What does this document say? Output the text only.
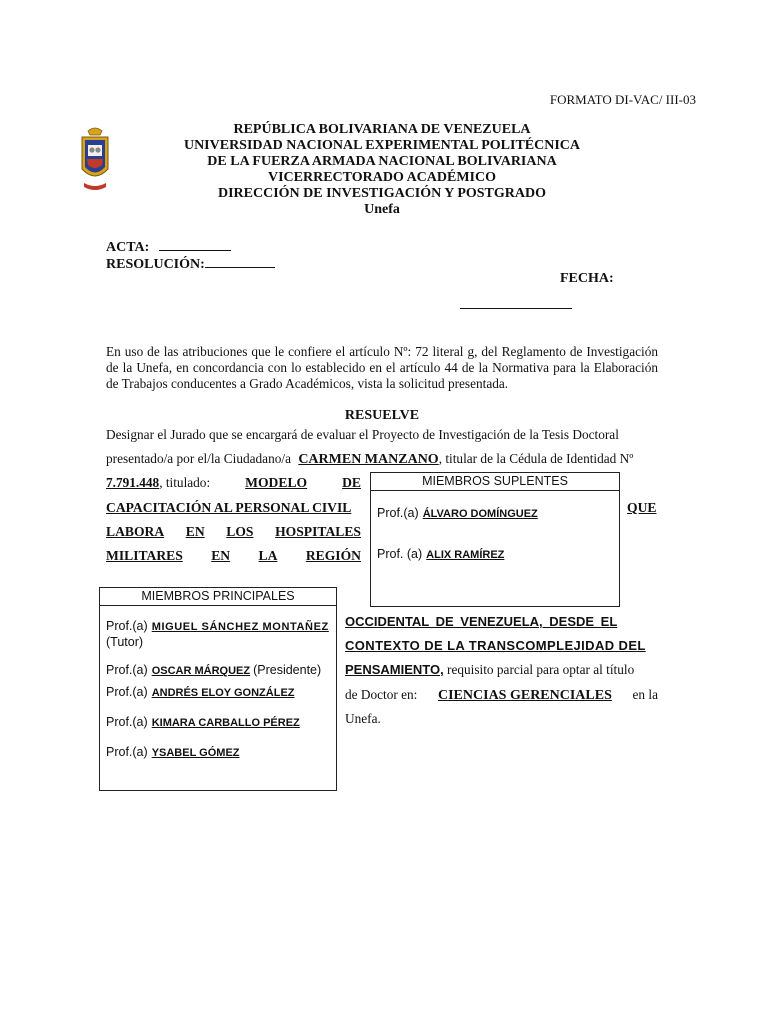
FORMATO DI-VAC/ III-03
REPÚBLICA BOLIVARIANA DE VENEZUELA
UNIVERSIDAD NACIONAL EXPERIMENTAL POLITÉCNICA
DE LA FUERZA ARMADA NACIONAL BOLIVARIANA
VICERRECTORADO ACADÉMICO
DIRECCIÓN DE INVESTIGACIÓN Y POSTGRADO
Unefa
ACTA:
RESOLUCIÓN:
FECHA:
En uso de las atribuciones que le confiere el artículo Nº: 72 literal g, del Reglamento de Investigación de la Unefa, en concordancia con lo establecido en el artículo 44 de la Normativa para la Elaboración de Trabajos conducentes a Grado Académicos, vista la solicitud presentada.
RESUELVE
Designar el Jurado que se encargará de evaluar el Proyecto de Investigación de la Tesis Doctoral
presentado/a por el/la Ciudadano/a CARMEN MANZANO, titular de la Cédula de Identidad Nº
7.791.448, titulado:	MODELO	DE
CAPACITACIÓN AL PERSONAL CIVIL	QUE
LABORA EN LOS HOSPITALES
MILITARES EN LA REGIÓN
MIEMBROS SUPLENTES
Prof.(a) ÁLVARO DOMÍNGUEZ
Prof. (a) ALIX RAMÍREZ
MIEMBROS PRINCIPALES
Prof.(a) MIGUEL SÁNCHEZ MONTAÑEZ
(Tutor)
Prof.(a) OSCAR MÁRQUEZ (Presidente)
Prof.(a) ANDRÉS ELOY GONZÁLEZ
Prof.(a) KIMARA CARBALLO PÉREZ
Prof.(a) YSABEL GÓMEZ
OCCIDENTAL DE VENEZUELA, DESDE EL
CONTEXTO DE LA TRANSCOMPLEJIDAD DEL
PENSAMIENTO, requisito parcial para optar al título
de Doctor en: CIENCIAS GERENCIALES en la
Unefa.
